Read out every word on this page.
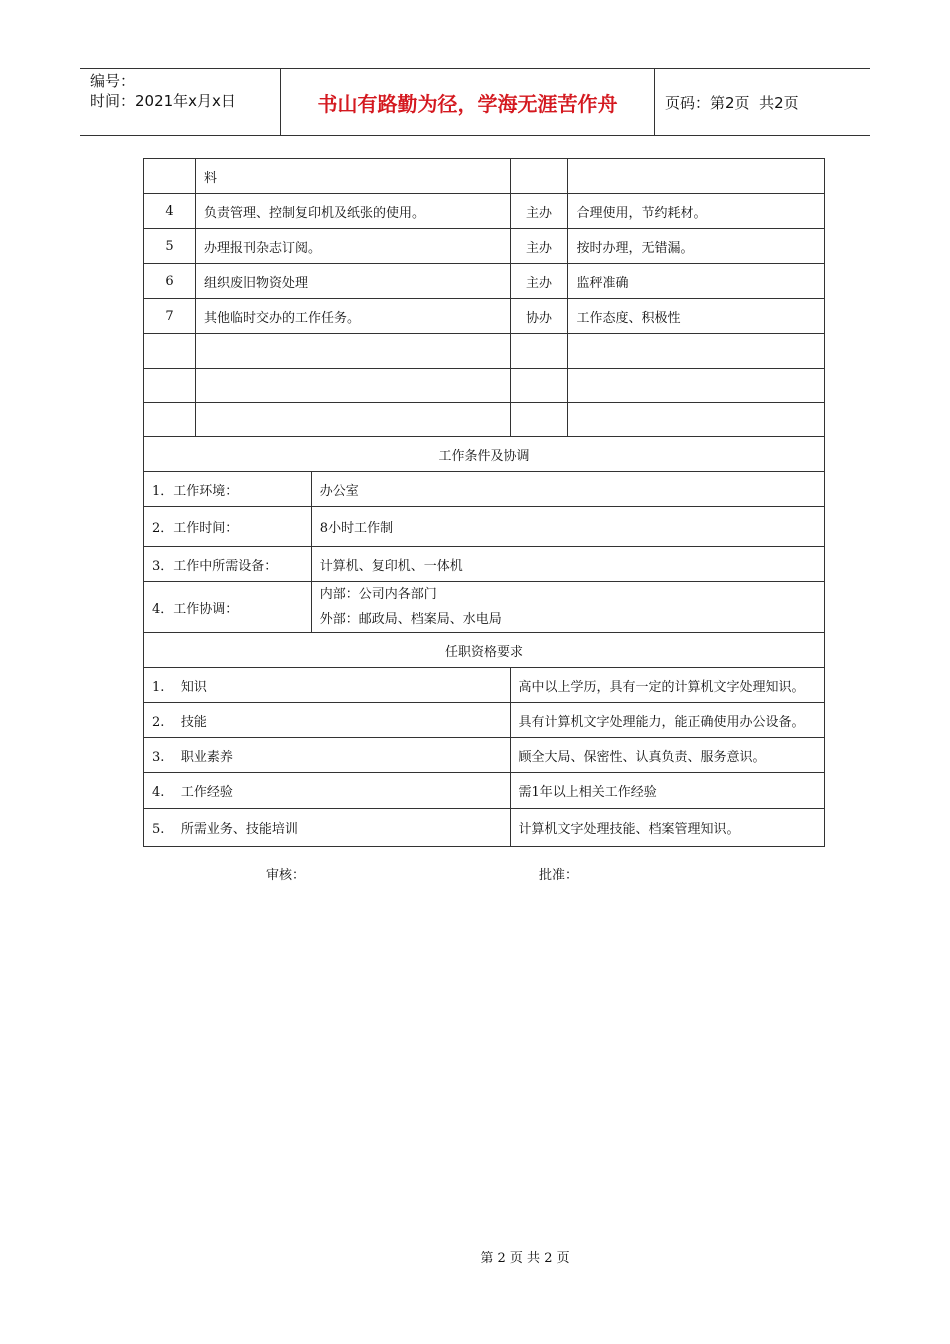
编号：
时间：2021年x月x日	书山有路勤为径，学海无涯苦作舟	页码：第2页  共2页
	料			
4	负责管理、控制复印机及纸张的使用。		主办	合理使用，节约耗材。
5	办理报刊杂志订阅。		主办	按时办理，无错漏。
6	组织废旧物资处理		主办	监秤准确
7	其他临时交办的工作任务。		协办	工作态度、积极性

工作条件及协调				
1．工作环境：		办公室		
2．工作时间：		8小时工作制		
3．工作中所需设备：		计算机、复印机、一体机		
4．工作协调：		内部：公司内各部门
外部：邮政局、档案局、水电局		

任职资格要求				
1.    知识			高中以上学历，具有一定的计算机文字处理知识。	
2.    技能			具有计算机文字处理能力，能正确使用办公设备。	
3.    职业素养			顾全大局、保密性、认真负责、服务意识。	
4.    工作经验			需1年以上相关工作经验	
5.    所需业务、技能培训			计算机文字处理技能、档案管理知识。	
审核：	批准：
第 2 页 共 2 页
